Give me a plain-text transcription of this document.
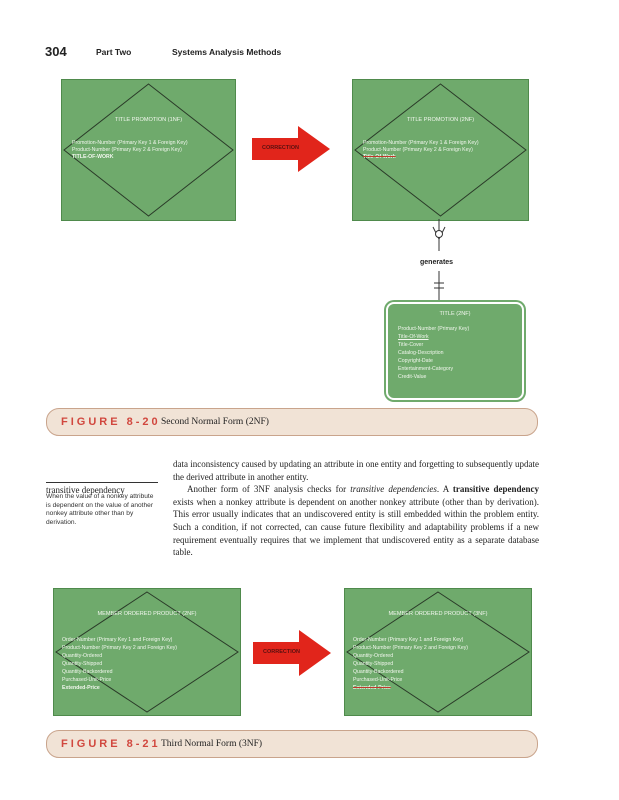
304	Part Two	Systems Analysis Methods
TITLE PROMOTION (1NF)
Promotion-Number (Primary Key 1 & Foreign Key)
Product-Number (Primary Key 2 & Foreign Key)
TITLE-OF-WORK
CORRECTION
TITLE PROMOTION (2NF)
Promotion-Number (Primary Key 1 & Foreign Key)
Product-Number (Primary Key 2 & Foreign Key)
Title-Of-Work
generates
TITLE (2NF)
Product-Number (Primary Key)
Title-Of-Work
Title-Cover
Catalog-Description
Copyright-Date
Entertainment-Category
Credit-Value
FIGURE 8-20 Second Normal Form (2NF)
transitive dependency
When the value of a nonkey attribute is dependent on the value of another nonkey attribute other than by derivation.

data inconsistency caused by updating an attribute in one entity and forgetting to subsequently update the derived attribute in another entity.

Another form of 3NF analysis checks for transitive dependencies. A transitive dependency exists when a nonkey attribute is dependent on another nonkey attribute (other than by derivation). This error usually indicates that an undiscovered entity is still embedded within the problem entity. Such a condition, if not corrected, can cause future flexibility and adaptability problems if a new requirement eventually requires that we implement that undiscovered entity as a separate database table.

MEMBER ORDERED PRODUCT (2NF)
Order-Number (Primary Key 1 and Foreign Key)
Product-Number (Primary Key 2 and Foreign Key)
Quantity-Ordered
Quantity-Shipped
Quantity-Backordered
Purchased-Unit-Price
Extended-Price
CORRECTION
MEMBER ORDERED PRODUCT (3NF)
Order-Number (Primary Key 1 and Foreign Key)
Product-Number (Primary Key 2 and Foreign Key)
Quantity-Ordered
Quantity-Shipped
Quantity-Backordered
Purchased-Unit-Price
Extended-Price
FIGURE 8-21 Third Normal Form (3NF)
